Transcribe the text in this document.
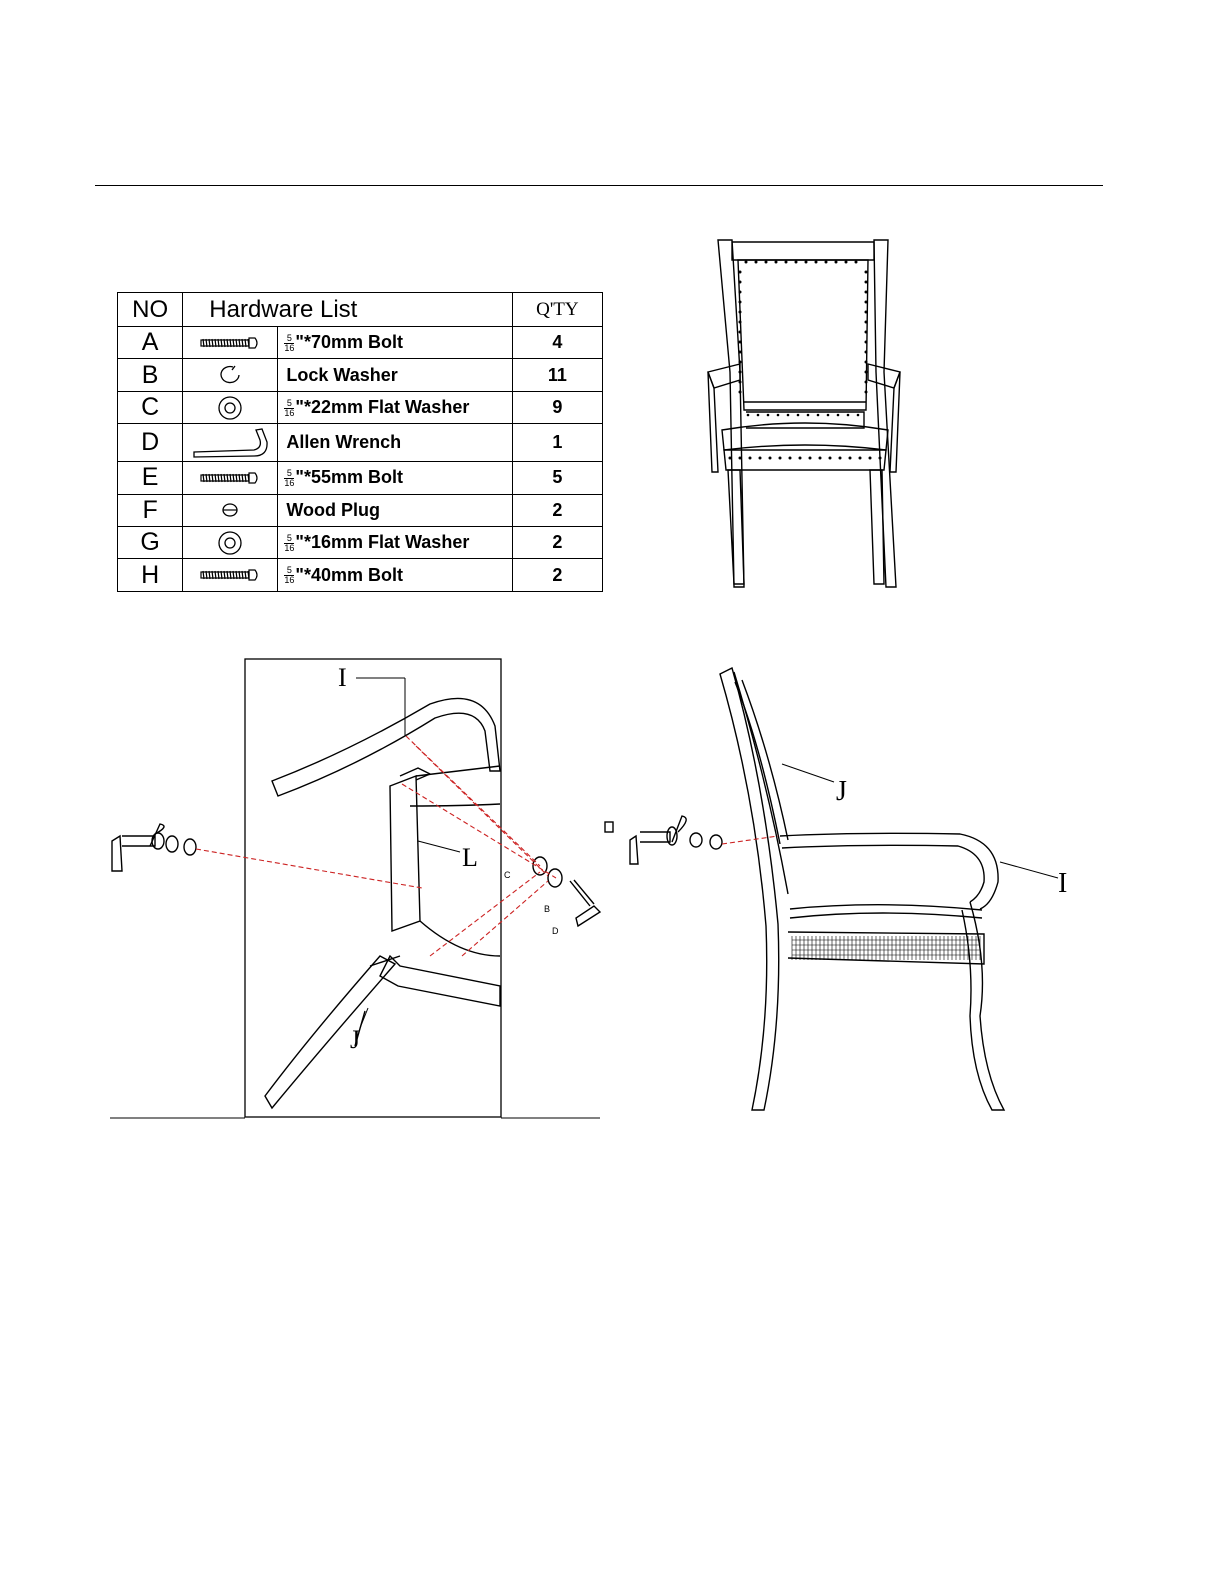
NO	Hardware List		Q'TY
A		$\frac{5}{16}$ "*70mm Bolt	4
B		Lock Washer	11
C		$\frac{5}{16}$ "*22mm Flat Washer	9
D		Allen Wrench	1
E		$\frac{5}{16}$ "*55mm Bolt	5
F		Wood Plug	2
G		$\frac{5}{16}$ "*16mm Flat Washer	2
H		$\frac{5}{16}$ "*40mm Bolt	2
I
L
J
C
B
D
J
I
